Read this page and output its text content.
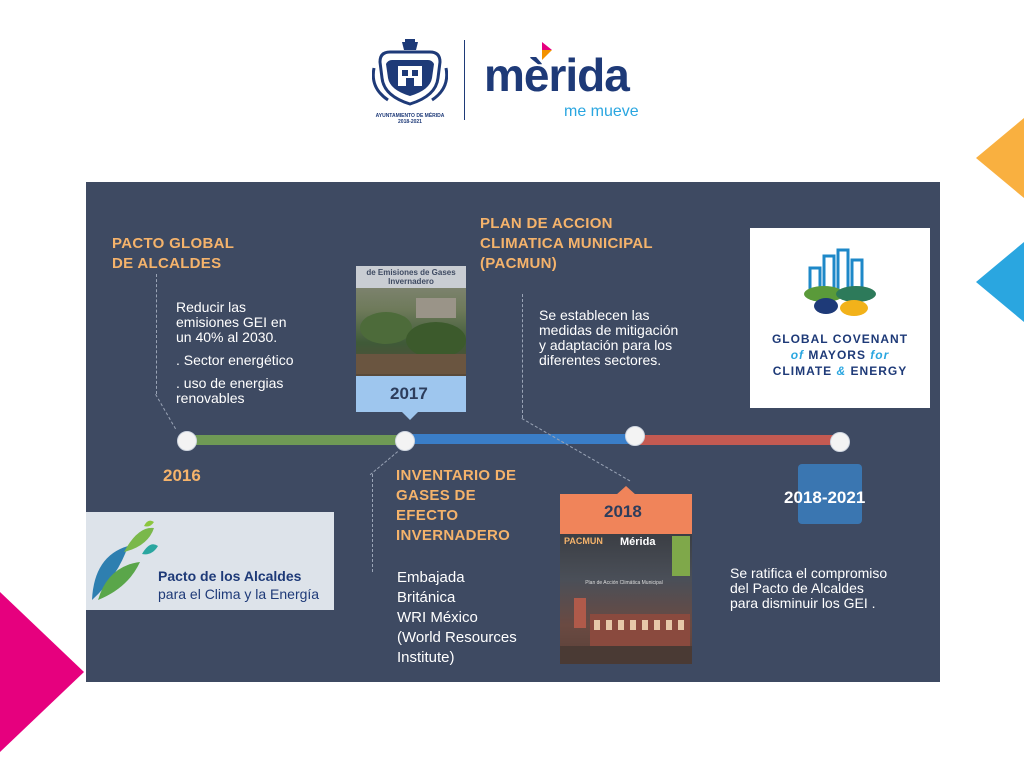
AYUNTAMIENTO DE MÉRIDA
2018-2021
mèrida
me mueve
PACTO GLOBAL
DE ALCALDES
Reducir las
emisiones GEI en
un 40% al 2030.
. Sector energético
. uso de energias
renovables
2016
de Emisiones de Gases Invernadero
2017
INVENTARIO DE
GASES DE
EFECTO
INVERNADERO
Embajada
Británica
WRI México
(World Resources
Institute)
PLAN DE ACCION
CLIMATICA MUNICIPAL
(PACMUN)
Se establecen las
medidas de mitigación
y adaptación para los
diferentes sectores.
2018
PACMUN Mérida
Plan de Acción Climática Municipal
GLOBAL COVENANT
of MAYORS for
CLIMATE & ENERGY
2018-2021
Se ratifica el compromiso
del Pacto de Alcaldes
para disminuir los GEI .
Pacto de los Alcaldes
para el Clima y la Energía
